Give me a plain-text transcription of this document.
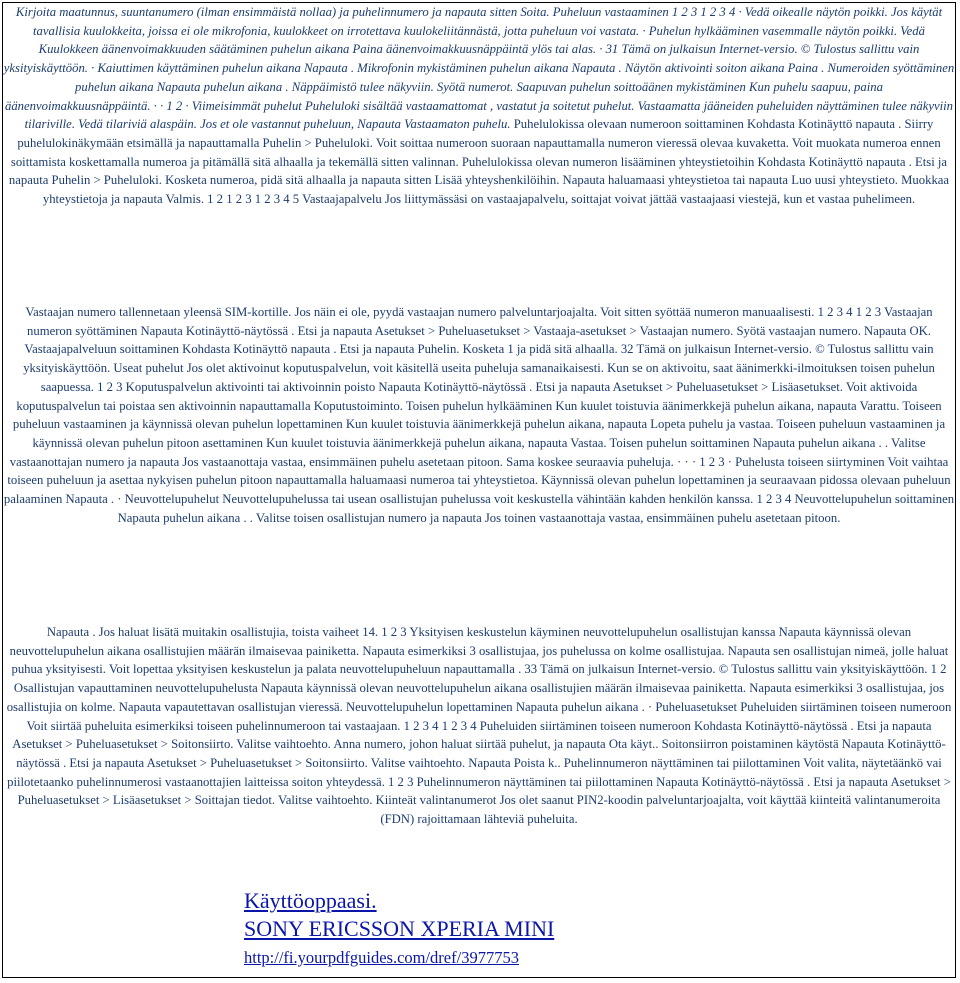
Kirjoita maatunnus, suuntanumero (ilman ensimmäistä nollaa) ja puhelinnumero ja napauta sitten Soita. Puheluun vastaaminen 1 2 3 1 2 3 4 · Vedä oikealle näytön poikki. Jos käytät tavallisia kuulokkeita, joissa ei ole mikrofonia, kuulokkeet on irrotettava kuulokeliitännästä, jotta puheluun voi vastata. · Puhelun hylkääminen vasemmalle näytön poikki. Vedä Kuulokkeen äänenvoimakkuuden säätäminen puhelun aikana Paina äänenvoimakkuusnäppäintä ylös tai alas. · 31 Tämä on julkaisun Internet-versio. © Tulostus sallittu vain yksityiskäyttöön. · Kaiuttimen käyttäminen puhelun aikana Napauta . Mikrofonin mykistäminen puhelun aikana Napauta . Näytön aktivointi soiton aikana Paina . Numeroiden syöttäminen puhelun aikana Napauta puhelun aikana . Näppäimistö tulee näkyviin. Syötä numerot. Saapuvan puhelun soittoäänen mykistäminen Kun puhelu saapuu, paina äänenvoimakkuusnäppäintä. · · 1 2 · Viimeisimmät puhelut Puheluloki sisältää vastaamattomat , vastatut ja soitetut puhelut. Vastaamatta jääneiden puheluiden näyttäminen tulee näkyviin tilariville. Vedä tilariviä alaspäin. Jos et ole vastannut puheluun, Napauta Vastaamaton puhelu. Puhelulokissa olevaan numeroon soittaminen Kohdasta Kotinäyttö napauta . Siirry puhelulokinäkymään etsimällä ja napauttamalla Puhelin > Puheluloki. Voit soittaa numeroon suoraan napauttamalla numeron vieressä olevaa kuvaketta. Voit muokata numeroa ennen soittamista koskettamalla numeroa ja pitämällä sitä alhaalla ja tekemällä sitten valinnan. Puhelulokissa olevan numeron lisääminen yhteystietoihin Kohdasta Kotinäyttö napauta . Etsi ja napauta Puhelin > Puheluloki. Kosketa numeroa, pidä sitä alhaalla ja napauta sitten Lisää yhteyshenkilöihin. Napauta haluamaasi yhteystietoa tai napauta Luo uusi yhteystieto. Muokkaa yhteystietoja ja napauta Valmis. 1 2 1 2 3 1 2 3 4 5 Vastaajapalvelu Jos liittymässäsi on vastaajapalvelu, soittajat voivat jättää vastaajaasi viestejä, kun et vastaa puhelimeen.
Vastaajan numero tallennetaan yleensä SIM-kortille. Jos näin ei ole, pyydä vastaajan numero palveluntarjoajalta. Voit sitten syöttää numeron manuaalisesti. 1 2 3 4 1 2 3 Vastaajan numeron syöttäminen Napauta Kotinäyttö-näytössä . Etsi ja napauta Asetukset > Puheluasetukset > Vastaaja-asetukset > Vastaajan numero. Syötä vastaajan numero. Napauta OK. Vastaajapalveluun soittaminen Kohdasta Kotinäyttö napauta . Etsi ja napauta Puhelin. Kosketa 1 ja pidä sitä alhaalla. 32 Tämä on julkaisun Internet-versio. © Tulostus sallittu vain yksityiskäyttöön. Useat puhelut Jos olet aktivoinut koputuspalvelun, voit käsitellä useita puheluja samanaikaisesti. Kun se on aktivoitu, saat äänimerkki-ilmoituksen toisen puhelun saapuessa. 1 2 3 Koputuspalvelun aktivointi tai aktivoinnin poisto Napauta Kotinäyttö-näytössä . Etsi ja napauta Asetukset > Puheluasetukset > Lisäasetukset. Voit aktivoida koputuspalvelun tai poistaa sen aktivoinnin napauttamalla Koputustoiminto. Toisen puhelun hylkääminen Kun kuulet toistuvia äänimerkkejä puhelun aikana, napauta Varattu. Toiseen puheluun vastaaminen ja käynnissä olevan puhelun lopettaminen Kun kuulet toistuvia äänimerkkejä puhelun aikana, napauta Lopeta puhelu ja vastaa. Toiseen puheluun vastaaminen ja käynnissä olevan puhelun pitoon asettaminen Kun kuulet toistuvia äänimerkkejä puhelun aikana, napauta Vastaa. Toisen puhelun soittaminen Napauta puhelun aikana . . Valitse vastaanottajan numero ja napauta Jos vastaanottaja vastaa, ensimmäinen puhelu asetetaan pitoon. Sama koskee seuraavia puheluja. · · · 1 2 3 · Puhelusta toiseen siirtyminen Voit vaihtaa toiseen puheluun ja asettaa nykyisen puhelun pitoon napauttamalla haluamaasi numeroa tai yhteystietoa. Käynnissä olevan puhelun lopettaminen ja seuraavaan pidossa olevaan puheluun palaaminen Napauta . · Neuvottelupuhelut Neuvottelupuhelussa tai usean osallistujan puhelussa voit keskustella vähintään kahden henkilön kanssa. 1 2 3 4 Neuvottelupuhelun soittaminen Napauta puhelun aikana . . Valitse toisen osallistujan numero ja napauta Jos toinen vastaanottaja vastaa, ensimmäinen puhelu asetetaan pitoon.
Napauta . Jos haluat lisätä muitakin osallistujia, toista vaiheet 14. 1 2 3 Yksityisen keskustelun käyminen neuvottelupuhelun osallistujan kanssa Napauta käynnissä olevan neuvottelupuhelun aikana osallistujien määrän ilmaisevaa painiketta. Napauta esimerkiksi 3 osallistujaa, jos puhelussa on kolme osallistujaa. Napauta sen osallistujan nimeä, jolle haluat puhua yksityisesti. Voit lopettaa yksityisen keskustelun ja palata neuvottelupuheluun napauttamalla . 33 Tämä on julkaisun Internet-versio. © Tulostus sallittu vain yksityiskäyttöön. 1 2 Osallistujan vapauttaminen neuvottelupuhelusta Napauta käynnissä olevan neuvottelupuhelun aikana osallistujien määrän ilmaisevaa painiketta. Napauta esimerkiksi 3 osallistujaa, jos osallistujia on kolme. Napauta vapautettavan osallistujan vieressä. Neuvottelupuhelun lopettaminen Napauta puhelun aikana . · Puheluasetukset Puheluiden siirtäminen toiseen numeroon Voit siirtää puheluita esimerkiksi toiseen puhelinnumeroon tai vastaajaan. 1 2 3 4 1 2 3 4 Puheluiden siirtäminen toiseen numeroon Kohdasta Kotinäyttö-näytössä . Etsi ja napauta Asetukset > Puheluasetukset > Soitonsiirto. Valitse vaihtoehto. Anna numero, johon haluat siirtää puhelut, ja napauta Ota käyt.. Soitonsiirron poistaminen käytöstä Napauta Kotinäyttö-näytössä . Etsi ja napauta Asetukset > Puheluasetukset > Soitonsiirto. Valitse vaihtoehto. Napauta Poista k.. Puhelinnumeron näyttäminen tai piilottaminen Voit valita, näytetäänkö vai piilotetaanko puhelinnumerosi vastaanottajien laitteissa soiton yhteydessä. 1 2 3 Puhelinnumeron näyttäminen tai piilottaminen Napauta Kotinäyttö-näytössä . Etsi ja napauta Asetukset > Puheluasetukset > Lisäasetukset > Soittajan tiedot. Valitse vaihtoehto. Kiinteät valintanumerot Jos olet saanut PIN2-koodin palveluntarjoajalta, voit käyttää kiinteitä valintanumeroita (FDN) rajoittamaan lähteviä puheluita.
Käyttöoppaasi.
SONY ERICSSON XPERIA MINI
http://fi.yourpdfguides.com/dref/3977753
